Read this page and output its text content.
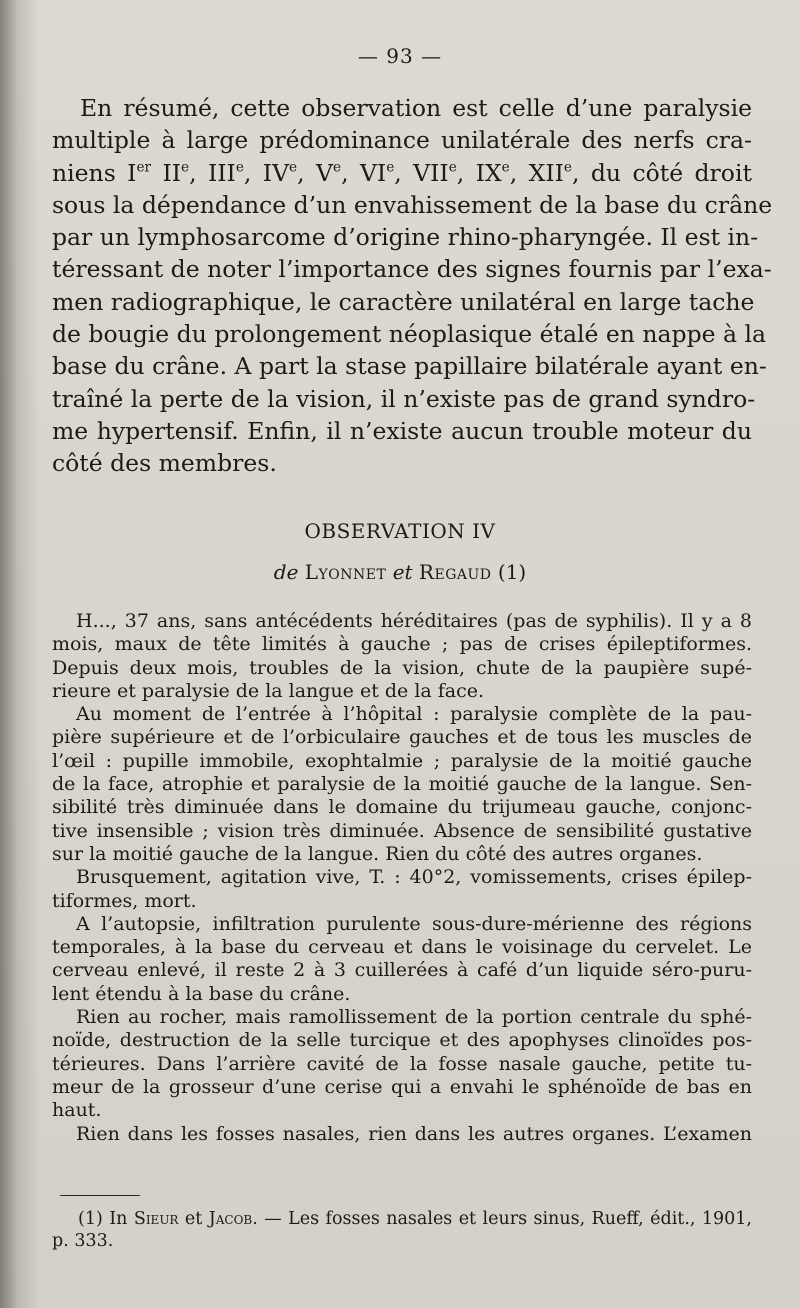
— 93 —
En résumé, cette observation est celle d’une paralysie
multiple à large prédominance unilatérale des nerfs cra-
niens Ier IIe, IIIe, IVe, Ve, VIe, VIIe, IXe, XIIe, du côté droit
sous la dépendance d’un envahissement de la base du crâne
par un lymphosarcome d’origine rhino-pharyngée. Il est in-
téressant de noter l’importance des signes fournis par l’exa-
men radiographique, le caractère unilatéral en large tache
de bougie du prolongement néoplasique étalé en nappe à la
base du crâne. A part la stase papillaire bilatérale ayant en-
traîné la perte de la vision, il n’existe pas de grand syndro-
me hypertensif. Enfin, il n’existe aucun trouble moteur du
côté des membres.
OBSERVATION IV
de Lyonnet et Regaud (1)
H..., 37 ans, sans antécédents héréditaires (pas de syphilis). Il y a 8
mois, maux de tête limités à gauche ; pas de crises épileptiformes.
Depuis deux mois, troubles de la vision, chute de la paupière supé-
rieure et paralysie de la langue et de la face.
Au moment de l’entrée à l’hôpital : paralysie complète de la pau-
pière supérieure et de l’orbiculaire gauches et de tous les muscles de
l’œil : pupille immobile, exophtalmie ; paralysie de la moitié gauche
de la face, atrophie et paralysie de la moitié gauche de la langue. Sen-
sibilité très diminuée dans le domaine du trijumeau gauche, conjonc-
tive insensible ; vision très diminuée. Absence de sensibilité gustative
sur la moitié gauche de la langue. Rien du côté des autres organes.
Brusquement, agitation vive, T. : 40°2, vomissements, crises épilep-
tiformes, mort.
A l’autopsie, infiltration purulente sous-dure-mérienne des régions
temporales, à la base du cerveau et dans le voisinage du cervelet. Le
cerveau enlevé, il reste 2 à 3 cuillerées à café d’un liquide séro-puru-
lent étendu à la base du crâne.
Rien au rocher, mais ramollissement de la portion centrale du sphé-
noïde, destruction de la selle turcique et des apophyses clinoïdes pos-
térieures. Dans l’arrière cavité de la fosse nasale gauche, petite tu-
meur de la grosseur d’une cerise qui a envahi le sphénoïde de bas en
haut.
Rien dans les fosses nasales, rien dans les autres organes. L’examen
(1) In Sieur et Jacob. — Les fosses nasales et leurs sinus, Rueff, édit., 1901,
p. 333.
